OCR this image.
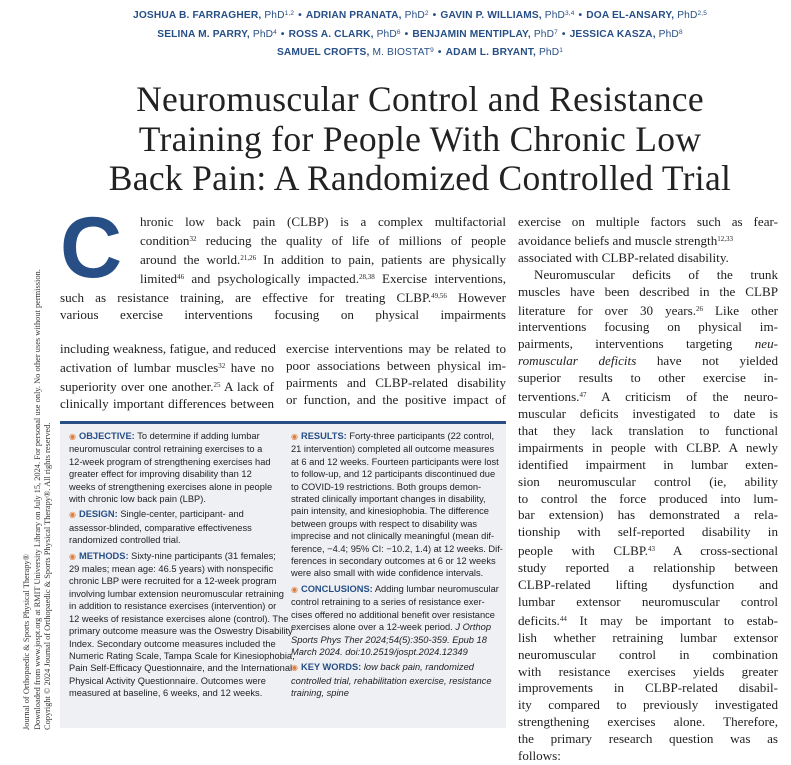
Journal of Orthopaedic & Sports Physical Therapy® Downloaded from www.jospt.org at RMIT University Library on July 15, 2024. For personal use only. No other uses without permission. Copyright © 2024 Journal of Orthopaedic & Sports Physical Therapy®. All rights reserved.
JOSHUA B. FARRAGHER, PhD$^{1,2}$ • ADRIAN PRANATA, PhD$^2$ • GAVIN P. WILLIAMS, PhD$^{3,4}$ • DOA EL-ANSARY, PhD$^{2,5}$
SELINA M. PARRY, PhD$^4$ • ROSS A. CLARK, PhD$^6$ • BENJAMIN MENTIPLAY, PhD$^7$ • JESSICA KASZA, PhD$^8$
SAMUEL CROFTS, M. BIOSTAT$^9$ • ADAM L. BRYANT, PhD$^1$
Neuromuscular Control and Resistance
Training for People With Chronic Low
Back Pain: A Randomized Controlled Trial
C	hronic low back pain (CLBP) is a complex multifactorial
condition$^{32}$ reducing the quality of life of millions of people
around the world.$^{21,26}$ In addition to pain, patients are physically
limited$^{46}$ and psychologically impacted.$^{28,38}$ Exercise interventions,
such as resistance training, are effective for treating CLBP.$^{49,56}$ However
various exercise interventions focusing on physical impairments
including weakness, fatigue, and reduced
activation of lumbar muscles$^{32}$ have no
superiority over one another.$^{25}$ A lack of
clinically important differences between
exercise interventions may be related to
poor associations between physical im-
pairments and CLBP-related disability
or function, and the positive impact of
exercise on multiple factors such as fear-
avoidance beliefs and muscle strength$^{12,33}$
associated with CLBP-related disability.
Neuromuscular deficits of the trunk
muscles have been described in the CLBP
literature for over 30 years.$^{26}$ Like other
interventions focusing on physical im-
pairments, interventions targeting neu-
romuscular deficits have not yielded
superior results to other exercise in-
terventions.$^{47}$ A criticism of the neuro-
muscular deficits investigated to date is
that they lack translation to functional
impairments in people with CLBP. A newly
identified impairment in lumbar exten-
sion neuromuscular control (ie, ability
to control the force produced into lum-
bar extension) has demonstrated a rela-
tionship with self-reported disability in
people with CLBP.$^{43}$ A cross-sectional
study reported a relationship between
CLBP-related lifting dysfunction and
lumbar extensor neuromuscular control
deficits.$^{44}$ It may be important to estab-
lish whether retraining lumbar extensor
neuromuscular control in combination
with resistance exercises yields greater
improvements in CLBP-related disabil-
ity compared to previously investigated
strengthening exercises alone. Therefore,
the primary research question was as
follows:
◉ OBJECTIVE: To determine if adding lumbar
neuromuscular control retraining exercises to a
12-week program of strengthening exercises had
greater effect for improving disability than 12
weeks of strengthening exercises alone in people
with chronic low back pain (LBP).
◉ DESIGN: Single-center, participant- and
assessor-blinded, comparative effectiveness
randomized controlled trial.
◉ METHODS: Sixty-nine participants (31 females;
29 males; mean age: 46.5 years) with nonspecific
chronic LBP were recruited for a 12-week program
involving lumbar extension neuromuscular retraining
in addition to resistance exercises (intervention) or
12 weeks of resistance exercises alone (control). The
primary outcome measure was the Oswestry Disability
Index. Secondary outcome measures included the
Numeric Rating Scale, Tampa Scale for Kinesiophobia,
Pain Self-Efficacy Questionnaire, and the International
Physical Activity Questionnaire. Outcomes were
measured at baseline, 6 weeks, and 12 weeks.
◉ RESULTS: Forty-three participants (22 control,
21 intervention) completed all outcome measures
at 6 and 12 weeks. Fourteen participants were lost
to follow-up, and 12 participants discontinued due
to COVID-19 restrictions. Both groups demon-
strated clinically important changes in disability,
pain intensity, and kinesiophobia. The difference
between groups with respect to disability was
imprecise and not clinically meaningful (mean dif-
ference, −4.4; 95% CI: −10.2, 1.4) at 12 weeks. Dif-
ferences in secondary outcomes at 6 or 12 weeks
were also small with wide confidence intervals.
◉ CONCLUSIONS: Adding lumbar neuromuscular
control retraining to a series of resistance exer-
cises offered no additional benefit over resistance
exercises alone over a 12-week period. J Orthop
Sports Phys Ther 2024;54(5):350-359. Epub 18
March 2024. doi:10.2519/jospt.2024.12349
◉ KEY WORDS: low back pain, randomized
controlled trial, rehabilitation exercise, resistance
training, spine
